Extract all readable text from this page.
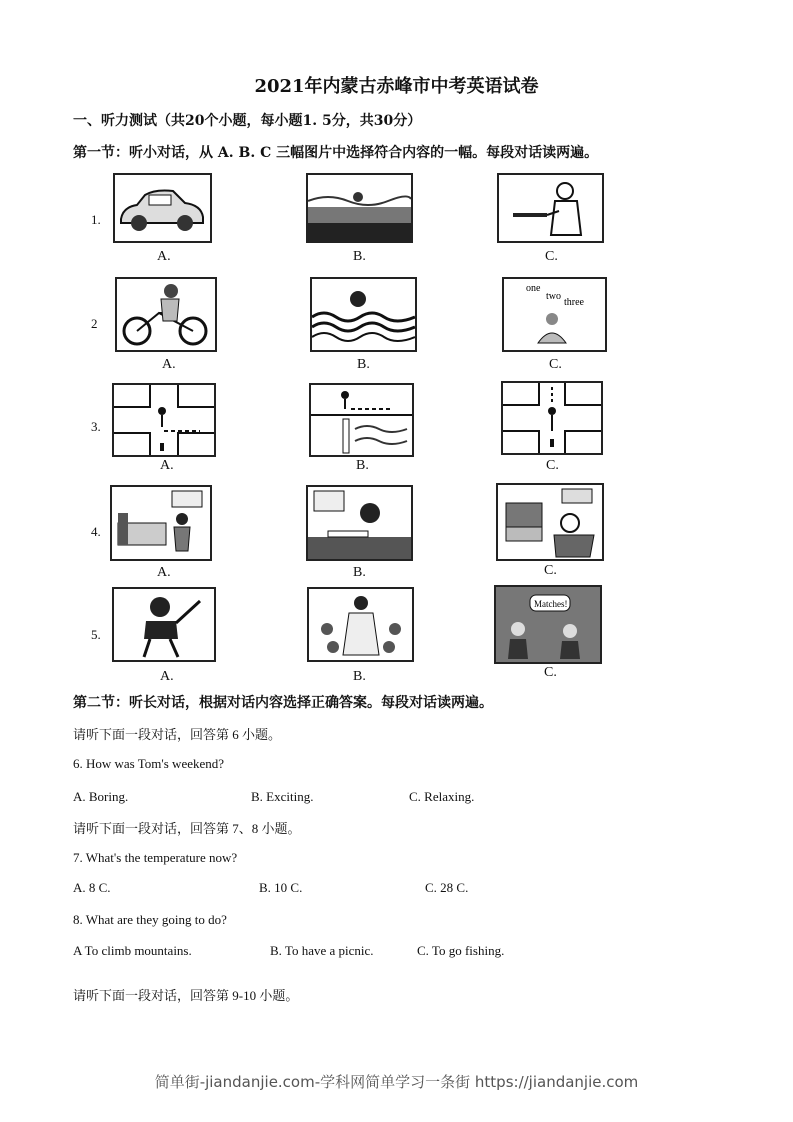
2021年内蒙古赤峰市中考英语试卷
一、听力测试（共20个小题，每小题1. 5分，共30分）
第一节：听小对话，从 A. B. C 三幅图片中选择符合内容的一幅。每段对话读两遍。
1.
A.	B.	C.
2
A.	B.
one
two
three
C.
3.
A.	B.	C.
4.
A.	B.	C.
5.
A.	B.
Matches!
C.
第二节：听长对话，根据对话内容选择正确答案。每段对话读两遍。
请听下面一段对话，回答第 6 小题。
6. How was Tom's weekend?
A. Boring.	B. Exciting.	C. Relaxing.
请听下面一段对话，回答第 7、8 小题。
7. What's the temperature now?
A. 8 C.	B. 10 C.	C. 28 C.
8. What are they going to do?
A To climb mountains.	B. To have a picnic.	C. To go fishing.
请听下面一段对话，回答第 9-10 小题。
简单街-jiandanjie.com-学科网简单学习一条街 https://jiandanjie.com
